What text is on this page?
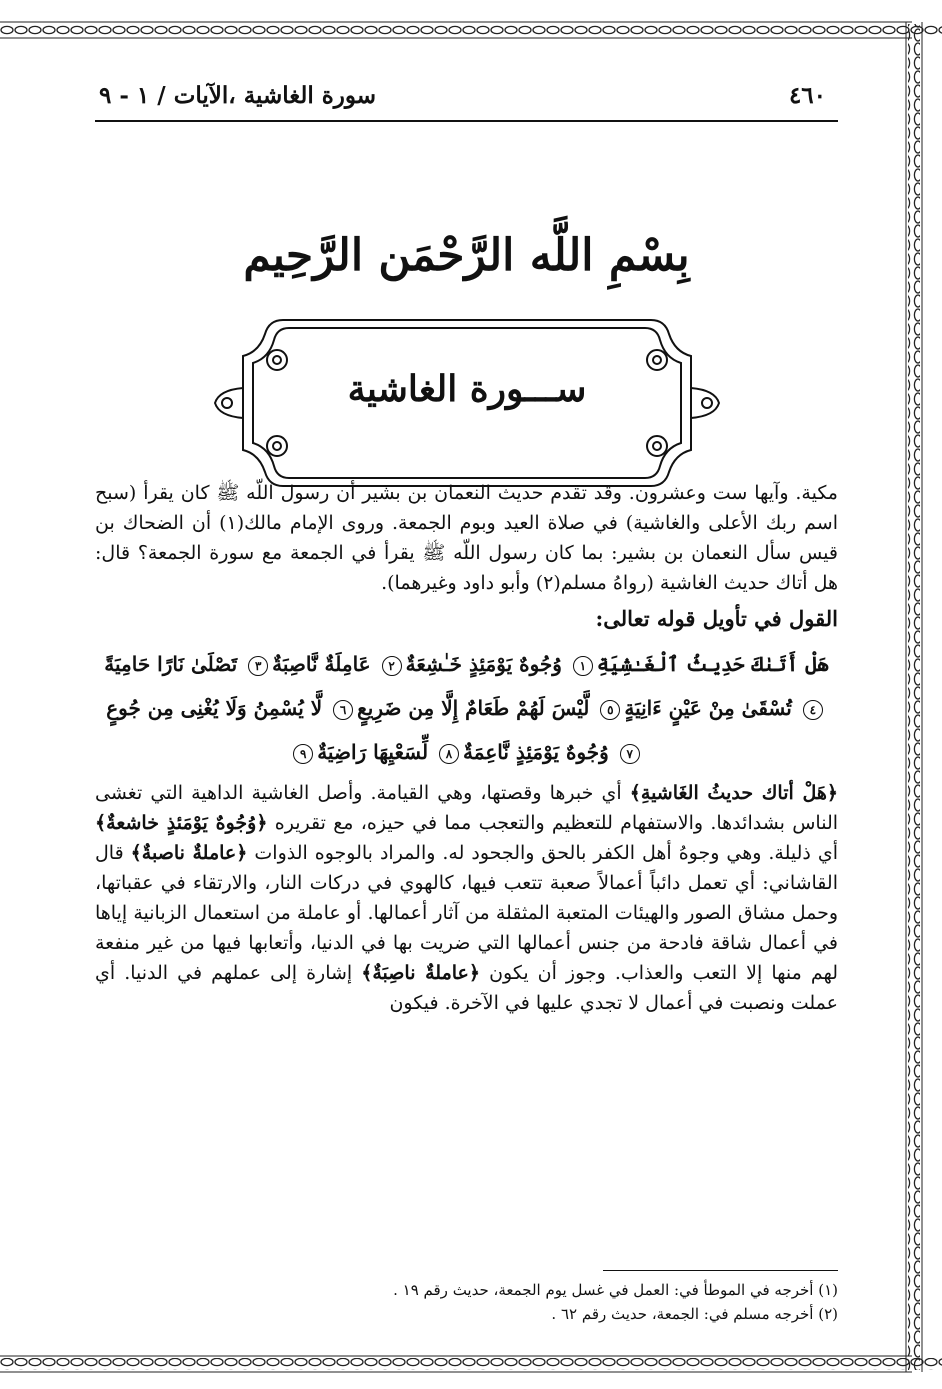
٤٦٠
سورة الغاشية ،الآيات / ١ - ٩
بِسْمِ اللَّه الرَّحْمَن الرَّحِيم
ســـورة الغاشية

مكية. وآيها ست وعشرون. وقد تقدم حديث النعمان بن بشير أن رسول اللّه ﷺ كان يقرأ (سبح اسم ربك الأعلى والغاشية) في صلاة العيد وبوم الجمعة. وروى الإمام مالك(١) أن الضحاك بن قيس سأل النعمان بن بشير: بما كان رسول اللّه ﷺ يقرأ في الجمعة مع سورة الجمعة؟ قال: هل أتاك حديث الغاشية (رواهُ مسلم(٢) وأبو داود وغيرهما).

القول في تأويل قوله تعالى:

هَلْ أَتَىٰكَ حَدِيثُ ٱلْغَـٰشِيَةِ١ وُجُوهٌ يَوْمَئِذٍ خَـٰشِعَةٌ٢ عَامِلَةٌ نَّاصِبَةٌ٣ تَصْلَىٰ نَارًا حَامِيَةً٤ تُسْقَىٰ مِنْ عَيْنٍ ءَانِيَةٍ٥ لَّيْسَ لَهُمْ طَعَامٌ إِلَّا مِن ضَرِيعٍ٦ لَّا يُسْمِنُ وَلَا يُغْنِى مِن جُوعٍ٧ وُجُوهٌ يَوْمَئِذٍ نَّاعِمَةٌ٨ لِّسَعْيِهَا رَاضِيَةٌ٩

﴿هَلْ أتاك حديثُ الغَاشيةِ﴾ أي خبرها وقصتها، وهي القيامة. وأصل الغاشية الداهية التي تغشى الناس بشدائدها. والاستفهام للتعظيم والتعجب مما في حيزه، مع تقريره ﴿وُجُوهٌ يَوْمَئذٍ خاشعةٌ﴾ أي ذليلة. وهي وجوهُ أهل الكفر بالحق والجحود له. والمراد بالوجوه الذوات ﴿عاملةٌ ناصبةٌ﴾ قال القاشاني: أي تعمل دائباً أعمالاً صعبة تتعب فيها، كالهوي في دركات النار، والارتقاء في عقباتها، وحمل مشاق الصور والهيئات المتعبة المثقلة من آثار أعمالها. أو عاملة من استعمال الزبانية إياها في أعمال شاقة فادحة من جنس أعمالها التي ضريت بها في الدنيا، وأتعابها فيها من غير منفعة لهم منها إلا التعب والعذاب. وجوز أن يكون ﴿عاملةٌ ناصِبَةٌ﴾ إشارة إلى عملهم في الدنيا. أي عملت ونصبت في أعمال لا تجدي عليها في الآخرة. فيكون

(١) أخرجه في الموطأ في: العمل في غسل يوم الجمعة، حديث رقم ١٩ .

(٢) أخرجه مسلم في: الجمعة، حديث رقم ٦٢ .
